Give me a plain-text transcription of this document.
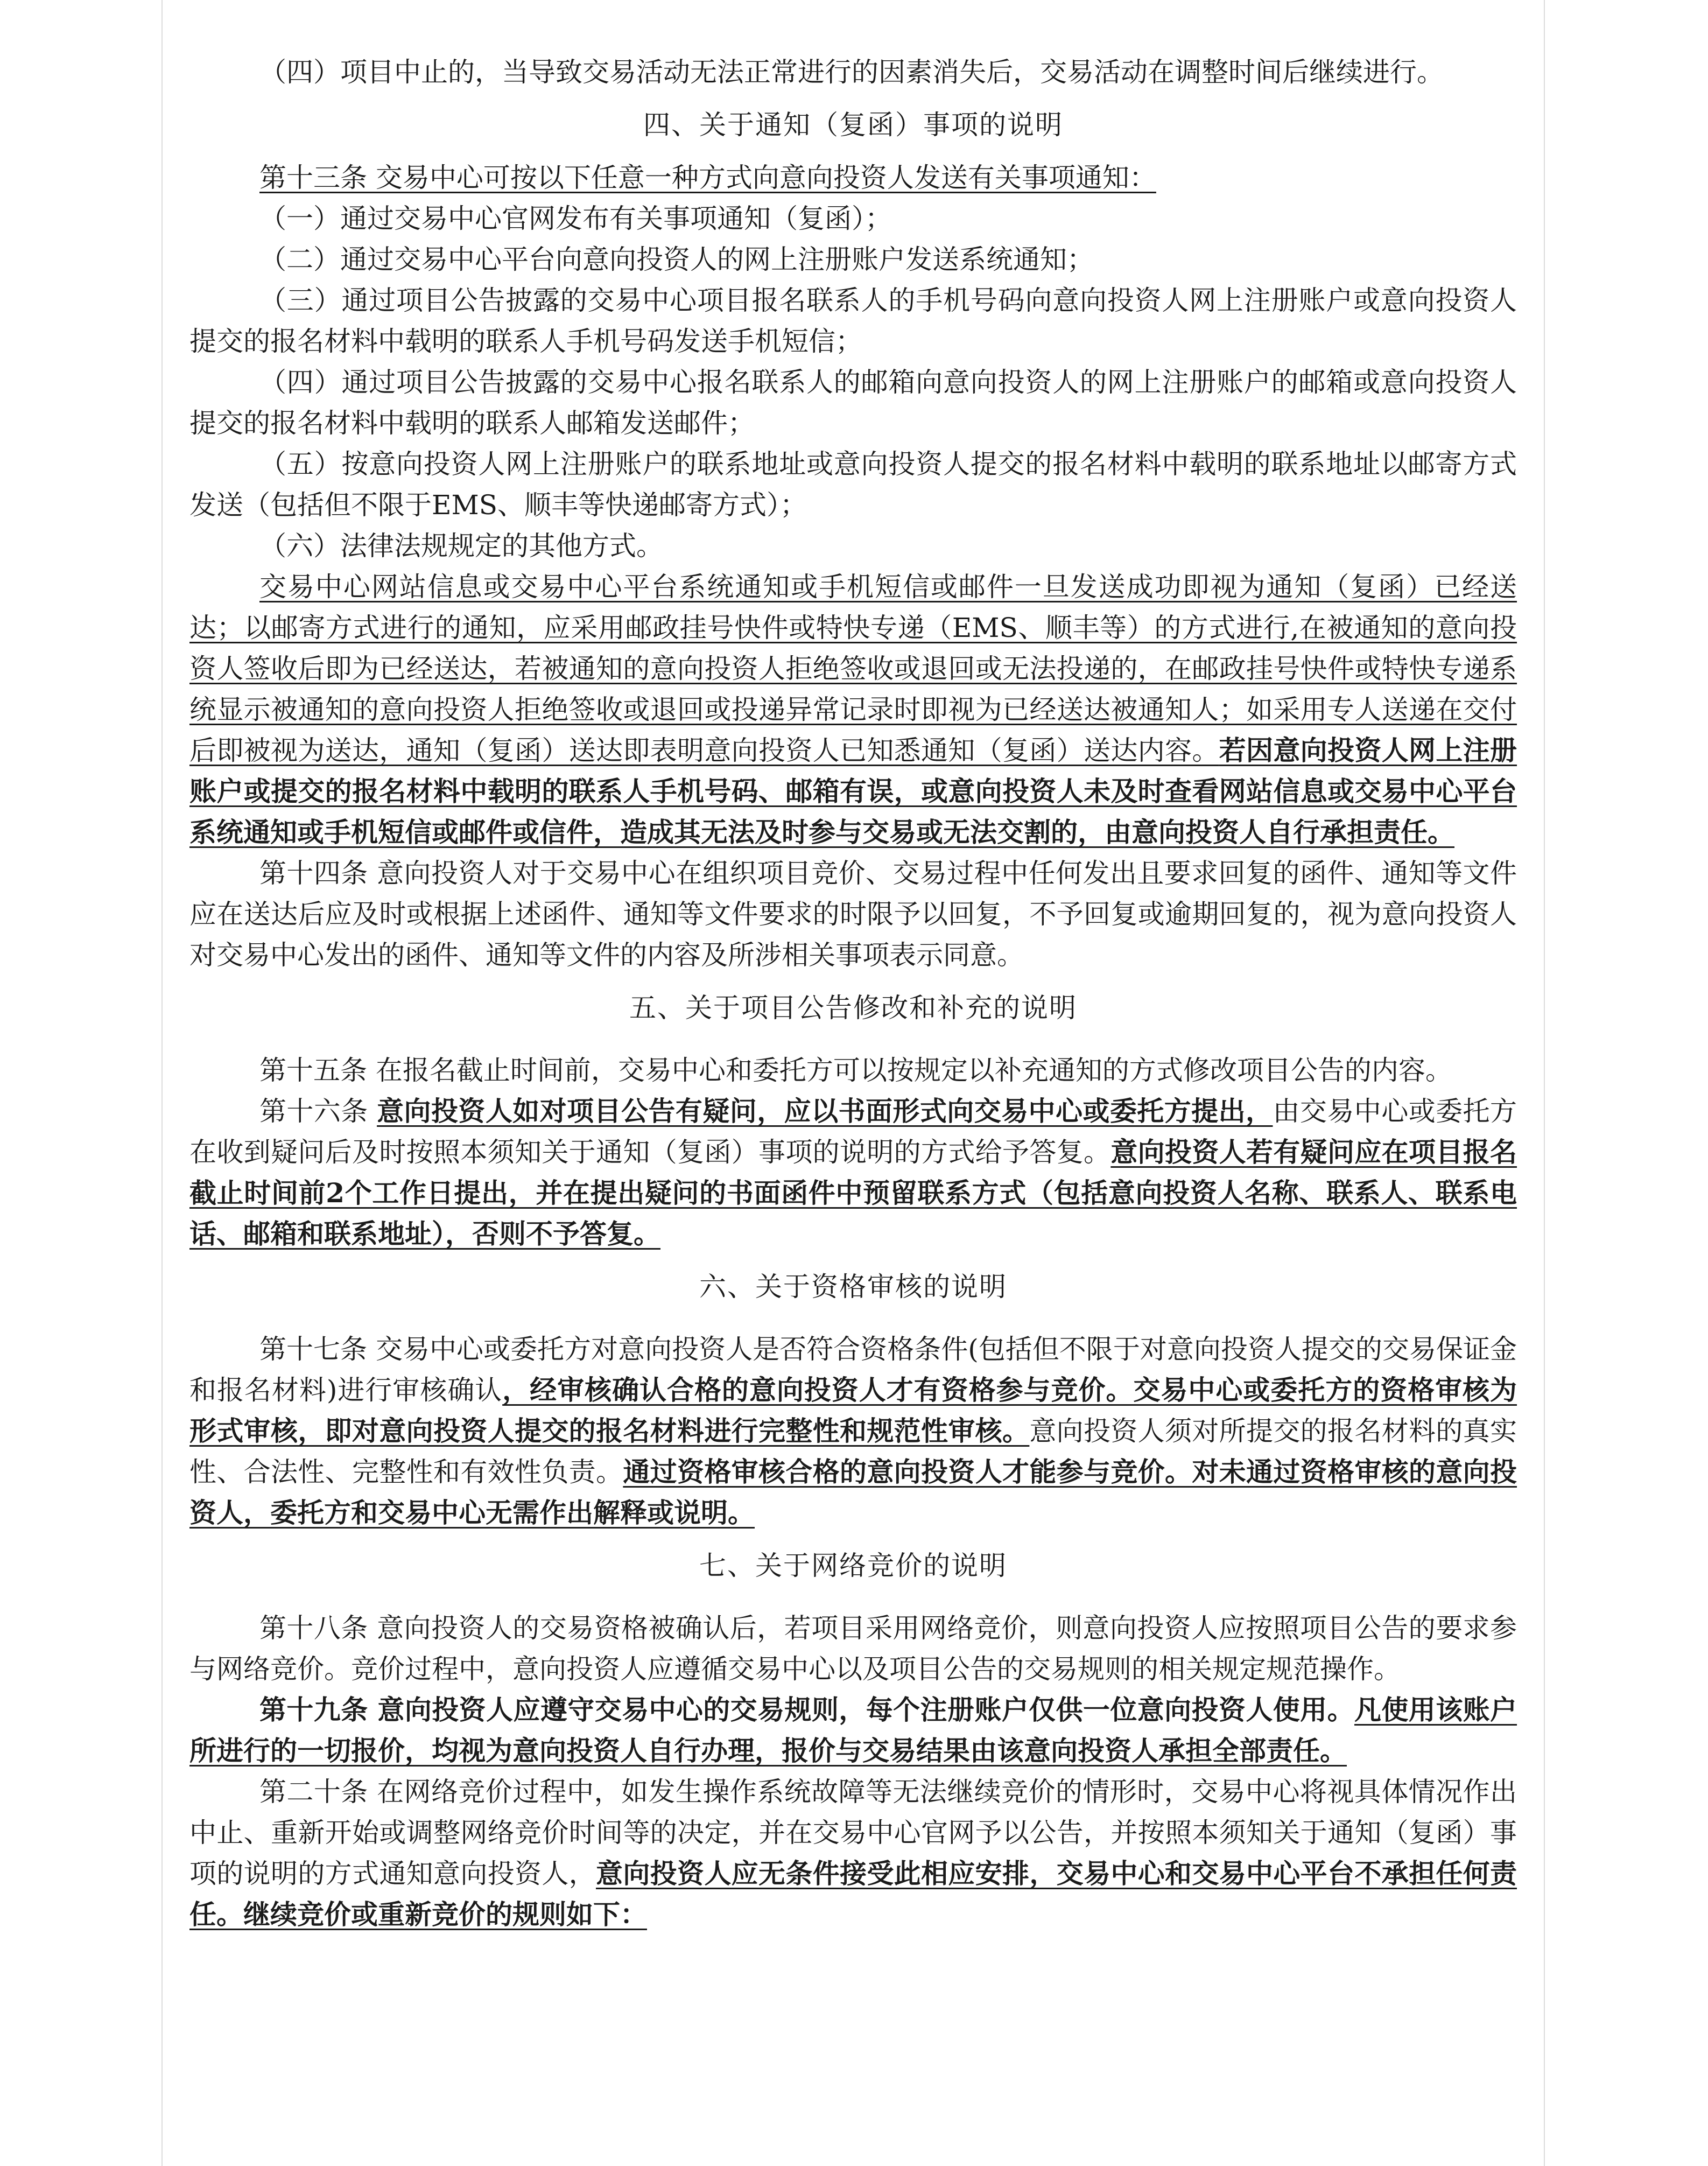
（四）项目中止的，当导致交易活动无法正常进行的因素消失后，交易活动在调整时间后继续进行。

四、关于通知（复函）事项的说明

第十三条 交易中心可按以下任意一种方式向意向投资人发送有关事项通知：

（一）通过交易中心官网发布有关事项通知（复函）；

（二）通过交易中心平台向意向投资人的网上注册账户发送系统通知；

（三）通过项目公告披露的交易中心项目报名联系人的手机号码向意向投资人网上注册账户或意向投资人提交的报名材料中载明的联系人手机号码发送手机短信；

（四）通过项目公告披露的交易中心报名联系人的邮箱向意向投资人的网上注册账户的邮箱或意向投资人提交的报名材料中载明的联系人邮箱发送邮件；

（五）按意向投资人网上注册账户的联系地址或意向投资人提交的报名材料中载明的联系地址以邮寄方式发送（包括但不限于EMS、顺丰等快递邮寄方式）；

（六）法律法规规定的其他方式。

交易中心网站信息或交易中心平台系统通知或手机短信或邮件一旦发送成功即视为通知（复函）已经送达；以邮寄方式进行的通知，应采用邮政挂号快件或特快专递（EMS、顺丰等）的方式进行,在被通知的意向投资人签收后即为已经送达，若被通知的意向投资人拒绝签收或退回或无法投递的，在邮政挂号快件或特快专递系统显示被通知的意向投资人拒绝签收或退回或投递异常记录时即视为已经送达被通知人；如采用专人送递在交付后即被视为送达，通知（复函）送达即表明意向投资人已知悉通知（复函）送达内容。若因意向投资人网上注册账户或提交的报名材料中载明的联系人手机号码、邮箱有误，或意向投资人未及时查看网站信息或交易中心平台系统通知或手机短信或邮件或信件，造成其无法及时参与交易或无法交割的，由意向投资人自行承担责任。

第十四条 意向投资人对于交易中心在组织项目竞价、交易过程中任何发出且要求回复的函件、通知等文件应在送达后应及时或根据上述函件、通知等文件要求的时限予以回复，不予回复或逾期回复的，视为意向投资人对交易中心发出的函件、通知等文件的内容及所涉相关事项表示同意。

五、关于项目公告修改和补充的说明

第十五条 在报名截止时间前，交易中心和委托方可以按规定以补充通知的方式修改项目公告的内容。

第十六条 意向投资人如对项目公告有疑问，应以书面形式向交易中心或委托方提出，由交易中心或委托方在收到疑问后及时按照本须知关于通知（复函）事项的说明的方式给予答复。意向投资人若有疑问应在项目报名截止时间前2个工作日提出，并在提出疑问的书面函件中预留联系方式（包括意向投资人名称、联系人、联系电话、邮箱和联系地址），否则不予答复。

六、关于资格审核的说明

第十七条 交易中心或委托方对意向投资人是否符合资格条件(包括但不限于对意向投资人提交的交易保证金和报名材料)进行审核确认，经审核确认合格的意向投资人才有资格参与竞价。交易中心或委托方的资格审核为形式审核，即对意向投资人提交的报名材料进行完整性和规范性审核。意向投资人须对所提交的报名材料的真实性、合法性、完整性和有效性负责。通过资格审核合格的意向投资人才能参与竞价。对未通过资格审核的意向投资人，委托方和交易中心无需作出解释或说明。

七、关于网络竞价的说明

第十八条 意向投资人的交易资格被确认后，若项目采用网络竞价，则意向投资人应按照项目公告的要求参与网络竞价。竞价过程中，意向投资人应遵循交易中心以及项目公告的交易规则的相关规定规范操作。

第十九条 意向投资人应遵守交易中心的交易规则，每个注册账户仅供一位意向投资人使用。凡使用该账户所进行的一切报价，均视为意向投资人自行办理，报价与交易结果由该意向投资人承担全部责任。

第二十条 在网络竞价过程中，如发生操作系统故障等无法继续竞价的情形时，交易中心将视具体情况作出中止、重新开始或调整网络竞价时间等的决定，并在交易中心官网予以公告，并按照本须知关于通知（复函）事项的说明的方式通知意向投资人，意向投资人应无条件接受此相应安排，交易中心和交易中心平台不承担任何责任。继续竞价或重新竞价的规则如下：
